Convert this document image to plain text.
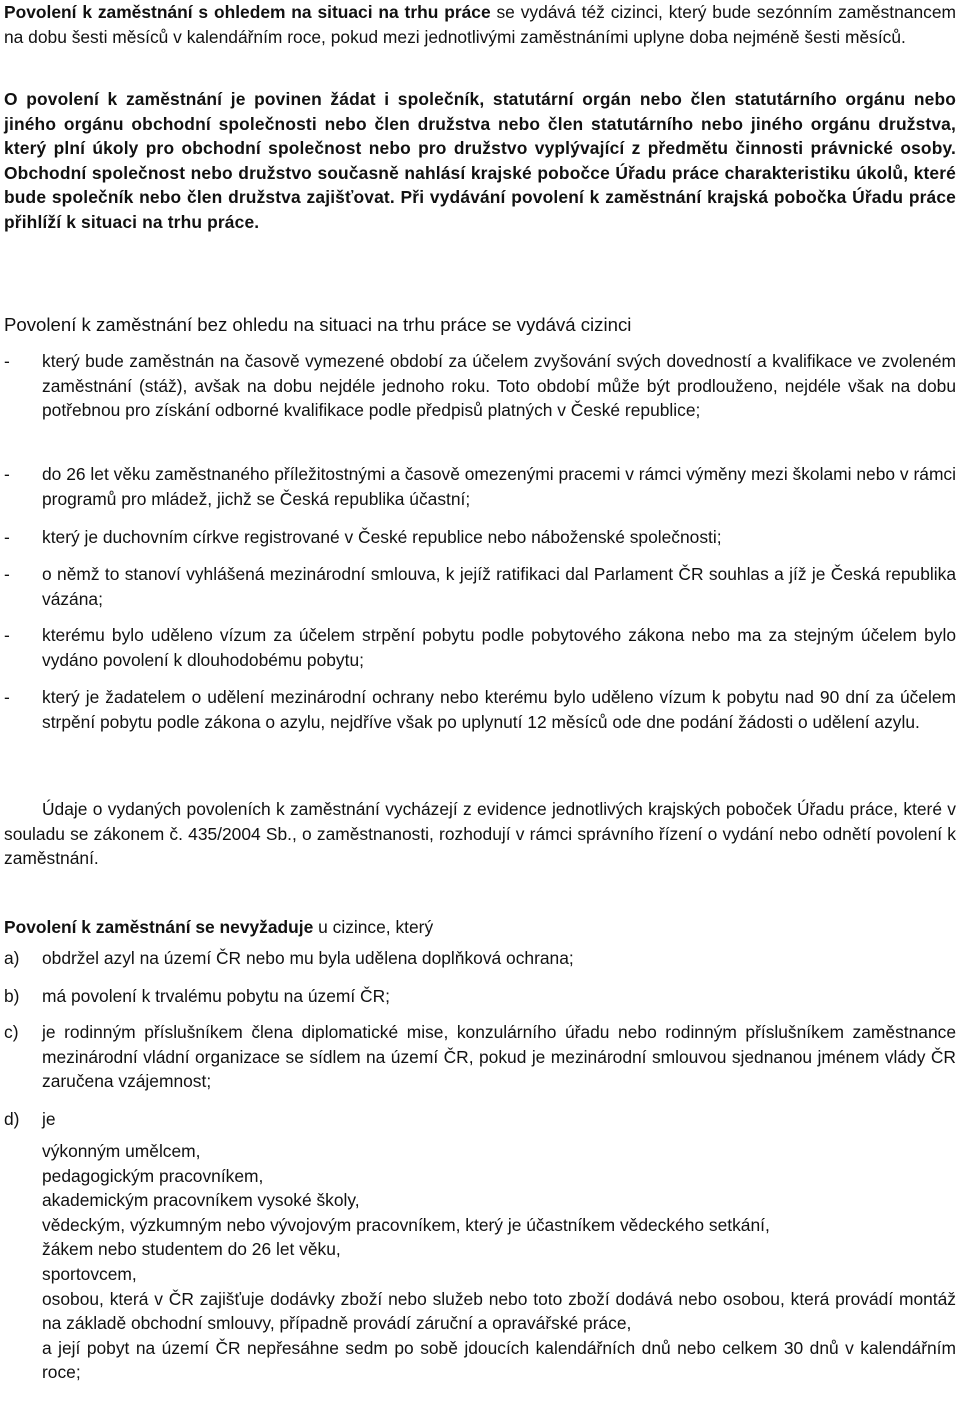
Povolení k zaměstnání s ohledem na situaci na trhu práce se vydává též cizinci, který bude sezónním zaměstnancem na dobu šesti měsíců v kalendářním roce, pokud mezi jednotlivými zaměstnáními uplyne doba nejméně šesti měsíců.

O povolení k zaměstnání je povinen žádat i společník, statutární orgán nebo člen statutárního orgánu nebo jiného orgánu obchodní společnosti nebo člen družstva nebo člen statutárního nebo jiného orgánu družstva, který plní úkoly pro obchodní společnost nebo pro družstvo vyplývající z předmětu činnosti právnické osoby. Obchodní společnost nebo družstvo současně nahlásí krajské pobočce Úřadu práce charakteristiku úkolů, které bude společník nebo člen družstva zajišťovat. Při vydávání povolení k zaměstnání krajská pobočka Úřadu práce přihlíží k situaci na trhu práce.

Povolení k zaměstnání bez ohledu na situaci na trhu práce se vydává cizinci

- který bude zaměstnán na časově vymezené období za účelem zvyšování svých dovedností a kvalifikace ve zvoleném zaměstnání (stáž), avšak na dobu nejdéle jednoho roku. Toto období může být prodlouženo, nejdéle však na dobu potřebnou pro získání odborné kvalifikace podle předpisů platných v České republice;
- do 26 let věku zaměstnaného příležitostnými a časově omezenými pracemi v rámci výměny mezi školami nebo v rámci programů pro mládež, jichž se Česká republika účastní;
- který je duchovním církve registrované v České republice nebo náboženské společnosti;
- o němž to stanoví vyhlášená mezinárodní smlouva, k jejíž ratifikaci dal Parlament ČR souhlas a jíž je Česká republika vázána;
- kterému bylo uděleno vízum za účelem strpění pobytu podle pobytového zákona nebo ma za stejným účelem bylo vydáno povolení k dlouhodobému pobytu;
- který je žadatelem o udělení mezinárodní ochrany nebo kterému bylo uděleno vízum k pobytu nad 90 dní za účelem strpění pobytu podle zákona o azylu, nejdříve však po uplynutí 12 měsíců ode dne podání žádosti o udělení azylu.

Údaje o vydaných povoleních k zaměstnání vycházejí z evidence jednotlivých krajských poboček Úřadu práce, které v souladu se zákonem č. 435/2004 Sb., o zaměstnanosti, rozhodují v rámci správního řízení o vydání nebo odnětí povolení k zaměstnání.

Povolení k zaměstnání se nevyžaduje u cizince, který

a) obdržel azyl na území ČR nebo mu byla udělena doplňková ochrana;
b) má povolení k trvalému pobytu na území ČR;
c) je rodinným příslušníkem člena diplomatické mise, konzulárního úřadu nebo rodinným příslušníkem zaměstnance mezinárodní vládní organizace se sídlem na území ČR, pokud je mezinárodní smlouvou sjednanou jménem vlády ČR zaručena vzájemnost;
d) je
výkonným umělcem,
pedagogickým pracovníkem,
akademickým pracovníkem vysoké školy,
vědeckým, výzkumným nebo vývojovým pracovníkem, který je účastníkem vědeckého setkání,
žákem nebo studentem do 26 let věku,
sportovcem,
osobou, která v ČR zajišťuje dodávky zboží nebo služeb nebo toto zboží dodává nebo osobou, která provádí montáž na základě obchodní smlouvy, případně provádí záruční a opravářské práce,
a její pobyt na území ČR nepřesáhne sedm po sobě jdoucích kalendářních dnů nebo celkem 30 dnů v kalendářním roce;
